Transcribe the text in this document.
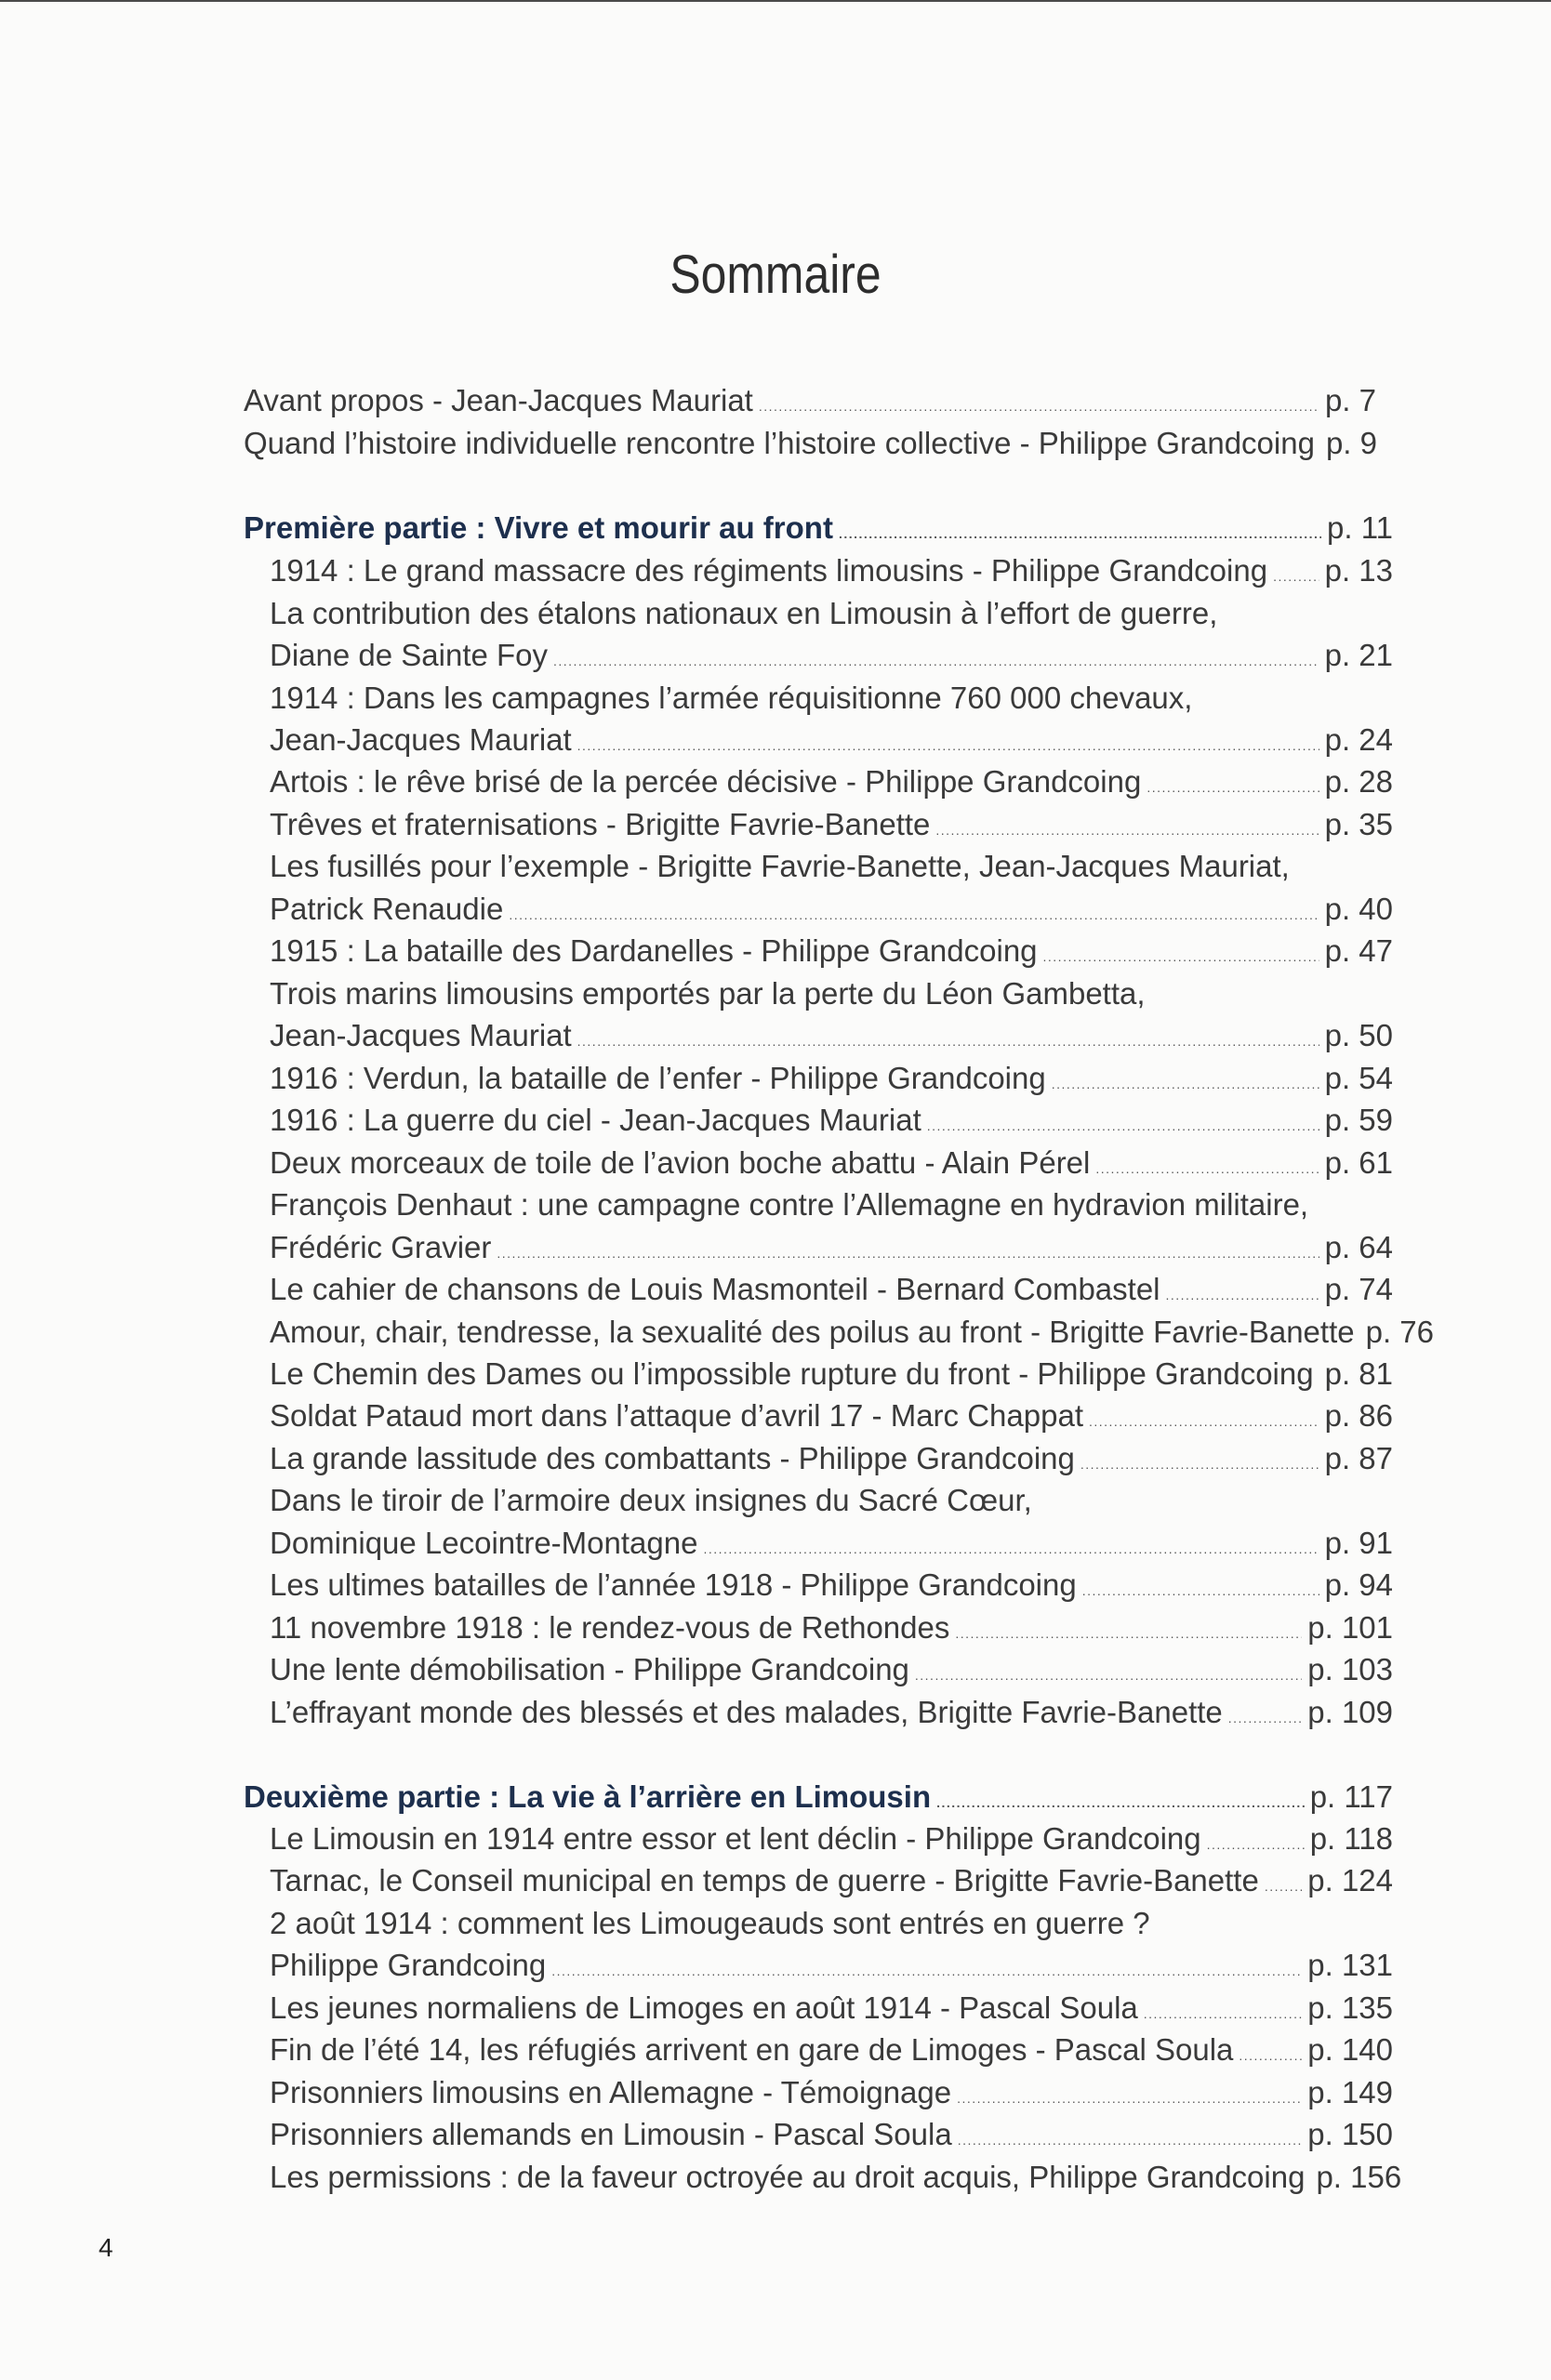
Sommaire
Avant propos - Jean-Jacques Mauriat . . .	p. 7
Quand l’histoire individuelle rencontre l’histoire collective - Philippe Grandcoing p. 9
Première partie : Vivre et mourir au front . . .	p. 11
1914 : Le grand massacre des régiments limousins - Philippe Grandcoing . . . p. 13
La contribution des étalons nationaux en Limousin à l’effort de guerre,
Diane de Sainte Foy . . .	p. 21
1914 : Dans les campagnes l’armée réquisitionne 760 000 chevaux,
Jean-Jacques Mauriat . . .	p. 24
Artois : le rêve brisé de la percée décisive - Philippe Grandcoing . . .	p. 28
Trêves et fraternisations - Brigitte Favrie-Banette . . .	p. 35
Les fusillés pour l’exemple - Brigitte Favrie-Banette, Jean-Jacques Mauriat,
Patrick Renaudie . . .	p. 40
1915 : La bataille des Dardanelles - Philippe Grandcoing . . .	p. 47
Trois marins limousins emportés par la perte du Léon Gambetta,
Jean-Jacques Mauriat . . .	p. 50
1916 : Verdun, la bataille de l’enfer - Philippe Grandcoing . . .	p. 54
1916 : La guerre du ciel - Jean-Jacques Mauriat . . .	p. 59
Deux morceaux de toile de l’avion boche abattu - Alain Pérel . . .	p. 61
François Denhaut : une campagne contre l’Allemagne en hydravion militaire,
Frédéric Gravier . . .	p. 64
Le cahier de chansons de Louis Masmonteil - Bernard Combastel . . .	p. 74
Amour, chair, tendresse, la sexualité des poilus au front - Brigitte Favrie-Banette p. 76
Le Chemin des Dames ou l’impossible rupture du front - Philippe Grandcoing p. 81
Soldat Pataud mort dans l’attaque d’avril 17 - Marc Chappat . . .	p. 86
La grande lassitude des combattants - Philippe Grandcoing . . .	p. 87
Dans le tiroir de l’armoire deux insignes du Sacré Cœur,
Dominique Lecointre-Montagne . . .	p. 91
Les ultimes batailles de l’année 1918 - Philippe Grandcoing . . .	p. 94
11 novembre 1918 : le rendez-vous de Rethondes . . .	p. 101
Une lente démobilisation - Philippe Grandcoing . . .	p. 103
L’effrayant monde des blessés et des malades, Brigitte Favrie-Banette . . .	p. 109
Deuxième partie : La vie à l’arrière en Limousin . . .	p. 117
Le Limousin en 1914 entre essor et lent déclin - Philippe Grandcoing . . .	p. 118
Tarnac, le Conseil municipal en temps de guerre - Brigitte Favrie-Banette . . . p. 124
2 août 1914 : comment les Limougeauds sont entrés en guerre ?
Philippe Grandcoing . . .	p. 131
Les jeunes normaliens de Limoges en août 1914 - Pascal Soula . . .	p. 135
Fin de l’été 14, les réfugiés arrivent en gare de Limoges - Pascal Soula . . . p. 140
Prisonniers limousins en Allemagne - Témoignage . . .	p. 149
Prisonniers allemands en Limousin - Pascal Soula . . .	p. 150
Les permissions : de la faveur octroyée au droit acquis, Philippe Grandcoing p. 156
4
